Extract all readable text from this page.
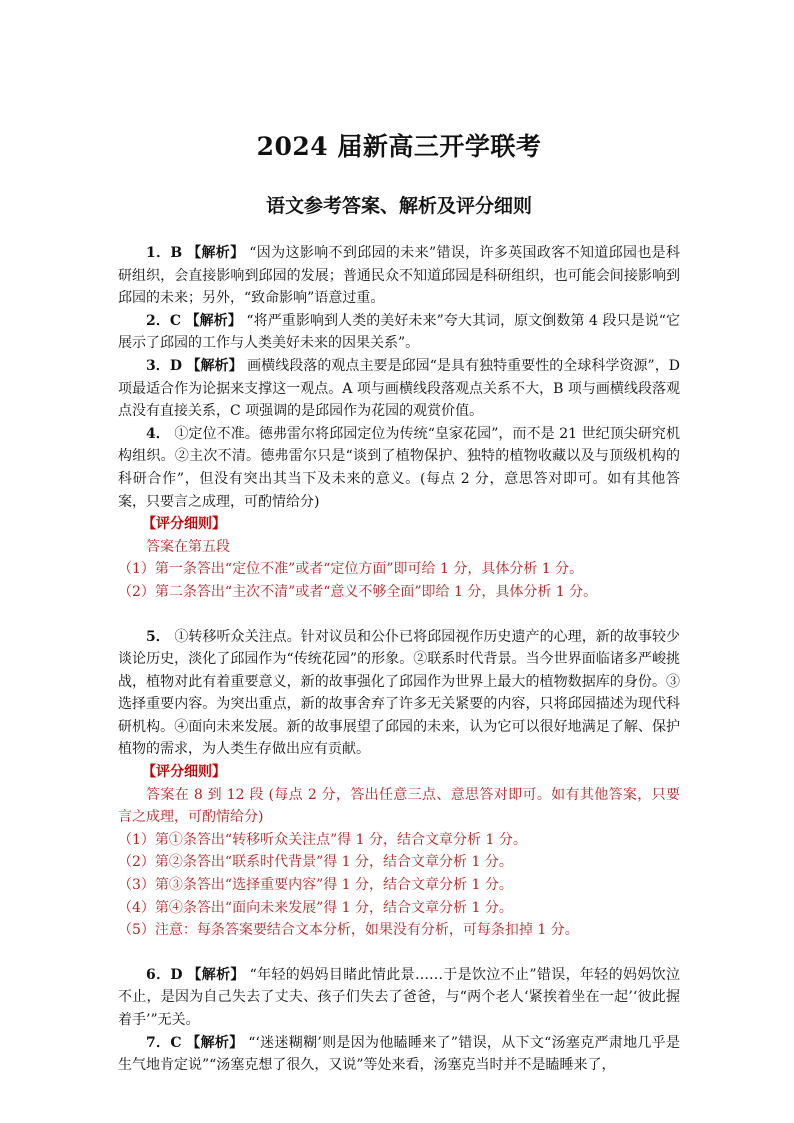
2024 届新高三开学联考
语文参考答案、解析及评分细则

1．B 【解析】 “因为这影响不到邱园的未来”错误，许多英国政客不知道邱园也是科研组织，会直接影响到邱园的发展；普通民众不知道邱园是科研组织，也可能会间接影响到邱园的未来；另外，“致命影响”语意过重。

2．C 【解析】 “将严重影响到人类的美好未来”夸大其词，原文倒数第 4 段只是说“它展示了邱园的工作与人类美好未来的因果关系”。

3．D 【解析】 画横线段落的观点主要是邱园“是具有独特重要性的全球科学资源”，D 项最适合作为论据来支撑这一观点。A 项与画横线段落观点关系不大，B 项与画横线段落观点没有直接关系，C 项强调的是邱园作为花园的观赏价值。

4． ①定位不准。德弗雷尔将邱园定位为传统“皇家花园”，而不是 21 世纪顶尖研究机构组织。②主次不清。德弗雷尔只是“谈到了植物保护、独特的植物收藏以及与顶级机构的科研合作”，但没有突出其当下及未来的意义。(每点 2 分，意思答对即可。如有其他答案，只要言之成理，可酌情给分)

【评分细则】

答案在第五段

（1）第一条答出“定位不准”或者“定位方面”即可给 1 分，具体分析 1 分。

（2）第二条答出“主次不清”或者“意义不够全面”即给 1 分，具体分析 1 分。

5． ①转移听众关注点。针对议员和公仆已将邱园视作历史遗产的心理，新的故事较少谈论历史，淡化了邱园作为“传统花园”的形象。②联系时代背景。当今世界面临诸多严峻挑战，植物对此有着重要意义，新的故事强化了邱园作为世界上最大的植物数据库的身份。③选择重要内容。为突出重点，新的故事舍弃了许多无关紧要的内容，只将邱园描述为现代科研机构。④面向未来发展。新的故事展望了邱园的未来，认为它可以很好地满足了解、保护植物的需求，为人类生存做出应有贡献。

【评分细则】

答案在 8 到 12 段 (每点 2 分，答出任意三点、意思答对即可。如有其他答案，只要言之成理，可酌情给分)

（1）第①条答出“转移听众关注点”得 1 分，结合文章分析 1 分。

（2）第②条答出“联系时代背景”得 1 分，结合文章分析 1 分。

（3）第③条答出“选择重要内容”得 1 分，结合文章分析 1 分。

（4）第④条答出“面向未来发展”得 1 分，结合文章分析 1 分。

（5）注意：每条答案要结合文本分析，如果没有分析，可每条扣掉 1 分。

6．D 【解析】 “年轻的妈妈目睹此情此景……于是饮泣不止”错误，年轻的妈妈饮泣不止，是因为自己失去了丈夫、孩子们失去了爸爸，与“两个老人‘紧挨着坐在一起’‘彼此握着手’”无关。

7．C 【解析】 “‘迷迷糊糊’则是因为他瞌睡来了”错误，从下文“汤塞克严肃地几乎是生气地肯定说”“汤塞克想了很久，又说”等处来看，汤塞克当时并不是瞌睡来了，
